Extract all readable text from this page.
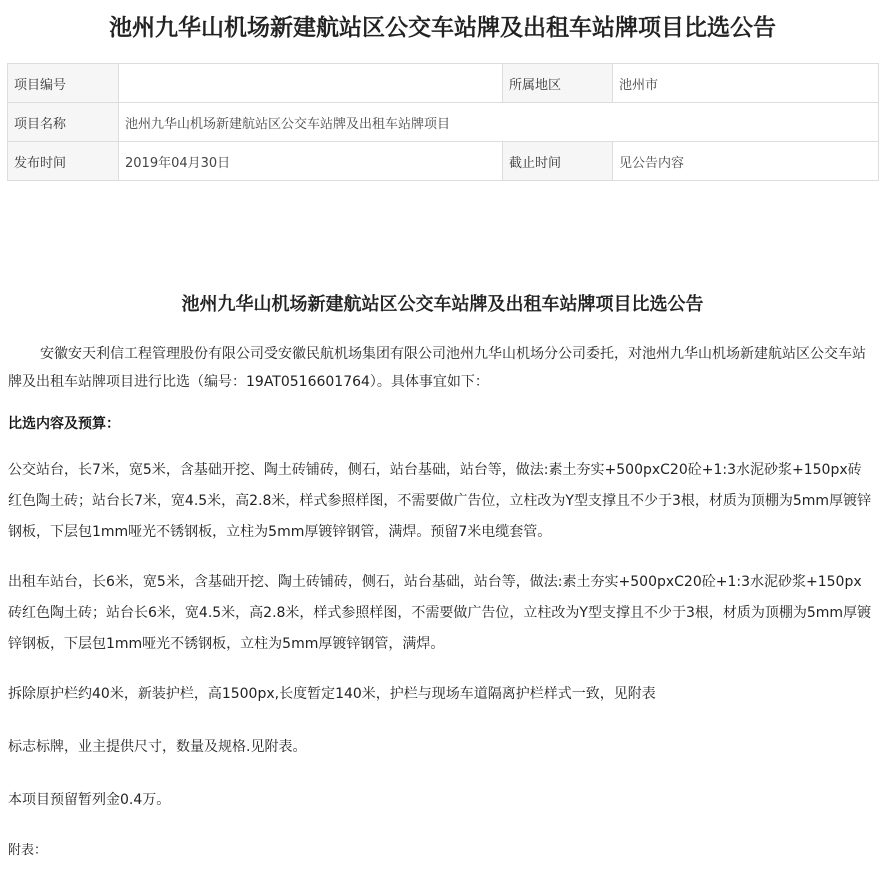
池州九华山机场新建航站区公交车站牌及出租车站牌项目比选公告
项目编号		所属地区	池州市
项目名称	池州九华山机场新建航站区公交车站牌及出租车站牌项目		
发布时间	2019年04月30日	截止时间	见公告内容
池州九华山机场新建航站区公交车站牌及出租车站牌项目比选公告

安徽安天利信工程管理股份有限公司受安徽民航机场集团有限公司池州九华山机场分公司委托，对池州九华山机场新建航站区公交车站牌及出租车站牌项目进行比选（编号：19AT0516601764）。具体事宜如下：

比选内容及预算：

公交站台，长7米，宽5米，含基础开挖、陶土砖铺砖，侧石，站台基础，站台等，做法:素土夯实+500pxC20砼+1:3水泥砂浆+150px砖红色陶土砖；站台长7米，宽4.5米，高2.8米，样式参照样图，不需要做广告位，立柱改为Y型支撑且不少于3根，材质为顶棚为5mm厚镀锌钢板，下层包1mm哑光不锈钢板，立柱为5mm厚镀锌钢管，满焊。预留7米电缆套管。

出租车站台，长6米，宽5米，含基础开挖、陶土砖铺砖，侧石，站台基础，站台等，做法:素土夯实+500pxC20砼+1:3水泥砂浆+150px砖红色陶土砖；站台长6米，宽4.5米，高2.8米，样式参照样图，不需要做广告位，立柱改为Y型支撑且不少于3根，材质为顶棚为5mm厚镀锌钢板，下层包1mm哑光不锈钢板，立柱为5mm厚镀锌钢管，满焊。

拆除原护栏约40米，新装护栏，高1500px,长度暂定140米，护栏与现场车道隔离护栏样式一致，见附表

标志标牌，业主提供尺寸，数量及规格.见附表。

本项目预留暂列金0.4万。

附表：
